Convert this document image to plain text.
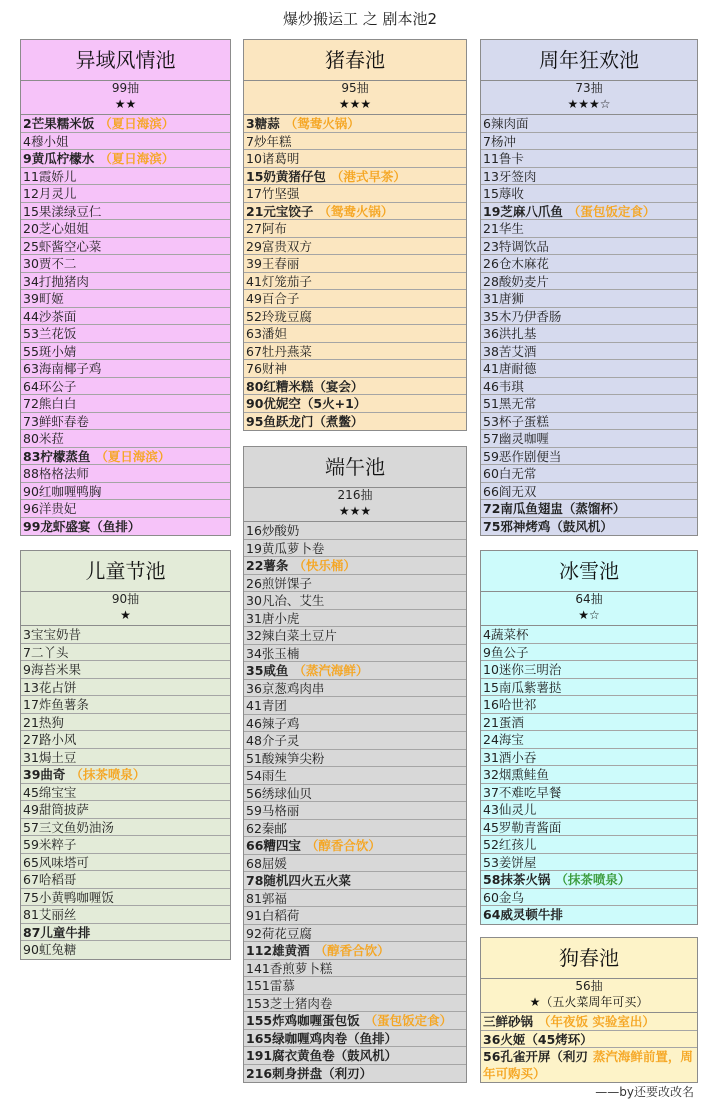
爆炒搬运工 之 剧本池2
异域风情池
99抽
★★
2芒果糯米饭 （夏日海滨）
4穆小姐
9黄瓜柠檬水 （夏日海滨）
11霞娇儿
12月灵儿
15果漾绿豆仁
20芝心姐姐
25虾酱空心菜
30贾不二
34打抛猪肉
39町姬
44沙茶面
53兰花饭
55斑小婧
63海南椰子鸡
64环公子
72熊白白
73鲜虾春卷
80米菈
83柠檬蒸鱼 （夏日海滨）
88格格法师
90红咖喱鸭胸
96洋贵妃
99龙虾盛宴（鱼排）
猪春池
95抽
★★★
3糖蒜 （鸳鸯火锅）
7炒年糕
10诸葛明
15奶黄猪仔包 （港式早茶）
17竹坚强
21元宝饺子 （鸳鸯火锅）
27阿布
29富贵双方
39王春丽
41灯笼茄子
49百合子
52玲珑豆腐
63潘妲
67牡丹燕菜
76财神
80红糟米糕（宴会）
90优妮空（5火+1）
95鱼跃龙门（煮鳖）
周年狂欢池
73抽
★★★☆
6辣肉面
7杨冲
11鲁卡
13牙签肉
15蓐收
19芝麻八爪鱼 （蛋包饭定食）
21华生
23特调饮品
26仓木麻花
28酸奶麦片
31唐狮
35木乃伊香肠
36洪扎基
38苦艾酒
41唐耐德
46韦琪
51黑无常
53杯子蛋糕
57幽灵咖喱
59恶作剧便当
60白无常
66阎无双
72南瓜鱼翅盅（蒸馏杯）
75邪神烤鸡（鼓风机）
端午池
216抽
★★★
16炒酸奶
19黄瓜萝卜卷
22薯条 （快乐桶）
26煎饼馃子
30凡冶、艾生
31唐小虎
32辣白菜土豆片
34张玉楠
35咸鱼 （蒸汽海鲜）
36京葱鸡肉串
41青团
46辣子鸡
48介子灵
51酸辣笋尖粉
54雨生
56绣球仙贝
59马格丽
62秦邮
66糟四宝 （醇香合饮）
68屈媛
78随机四火五火菜
81郭福
91白稻荷
92荷花豆腐
112雄黄酒 （醇香合饮）
141香煎萝卜糕
151雷慕
153芝士猪肉卷
155炸鸡咖喱蛋包饭 （蛋包饭定食）
165绿咖喱鸡肉卷（鱼排）
191腐衣黄鱼卷（鼓风机）
216刺身拼盘（利刃）
儿童节池
90抽
★
3宝宝奶昔
7二丫头
9海苔米果
13花占饼
17炸鱼薯条
21热狗
27路小风
31焗土豆
39曲奇 （抹茶喷泉）
45绵宝宝
49甜筒披萨
57三文鱼奶油汤
59米粹子
65风味塔可
67哈稻哥
75小黄鸭咖喱饭
81艾丽丝
87儿童牛排
90虹兔糖
冰雪池
64抽
★☆
4蔬菜杯
9鱼公子
10迷你三明治
15南瓜紫薯挞
16哈世祁
21蛋酒
24海宝
31酒小吞
32烟熏鲑鱼
37不难吃早餐
43仙灵儿
45罗勒青酱面
52红孩儿
53姜饼屋
58抹茶火锅 （抹茶喷泉）
60金乌
64威灵顿牛排
狗春池
56抽
★（五火菜周年可买）
三鲜砂锅 （年夜饭 实验室出）
36火姬（45烤环）
56孔雀开屏（利刃 蒸汽海鲜前置，周年可购买）
——by还要改改名
